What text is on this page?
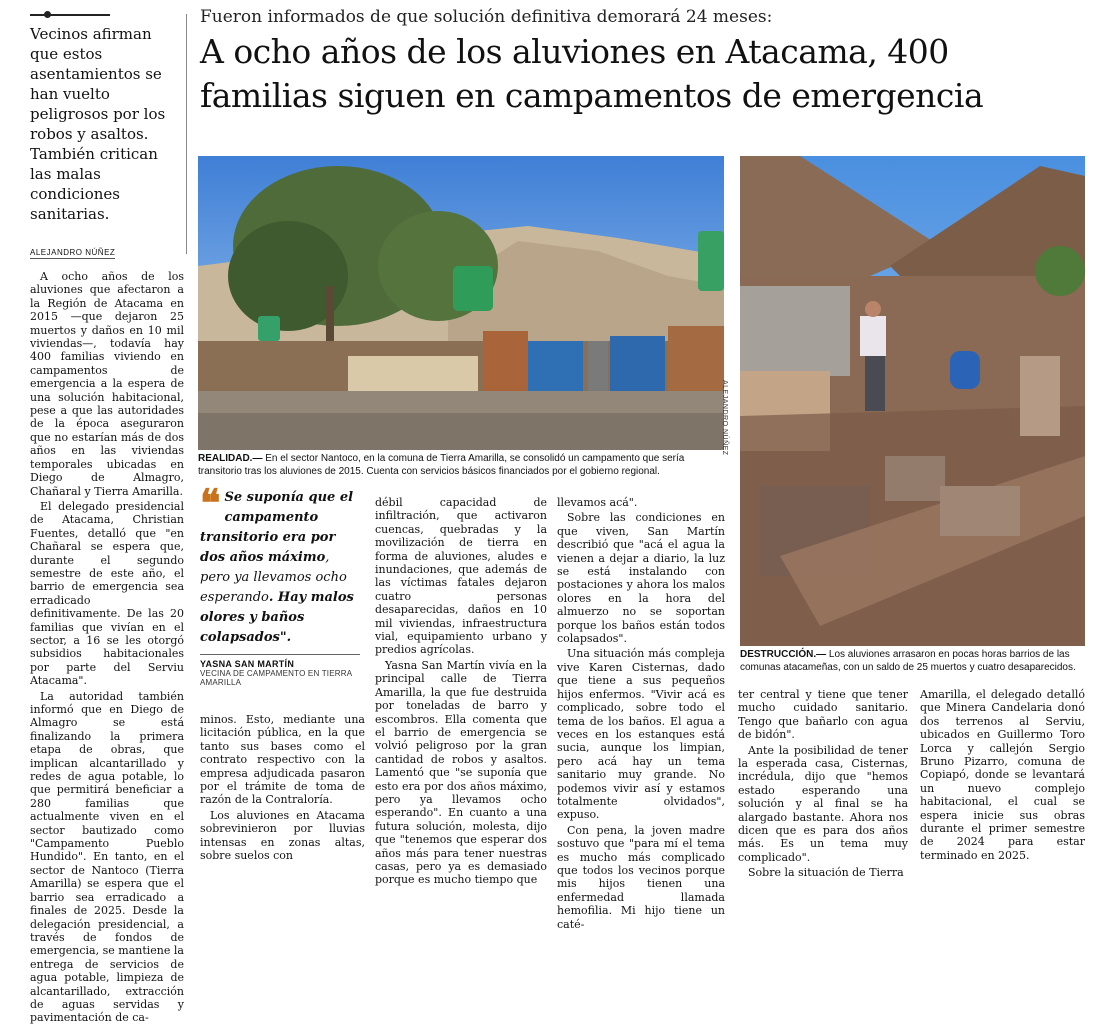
Vecinos afirman que estos asentamientos se han vuelto peligrosos por los robos y asaltos. También critican las malas condiciones sanitarias.
Fueron informados de que solución definitiva demorará 24 meses:
A ocho años de los aluviones en Atacama, 400
familias siguen en campamentos de emergencia
ALEJANDRO NÚÑEZ

A ocho años de los aluviones que afectaron a la Región de Atacama en 2015 —que dejaron 25 muertos y daños en 10 mil viviendas—, todavía hay 400 familias viviendo en campamentos de emergencia a la espera de una solución habitacional, pese a que las autoridades de la época aseguraron que no estarían más de dos años en las viviendas temporales ubicadas en Diego de Almagro, Chañaral y Tierra Amarilla.

El delegado presidencial de Atacama, Christian Fuentes, detalló que "en Chañaral se espera que, durante el segundo semestre de este año, el barrio de emergencia sea erradicado definitivamente. De las 20 familias que vivían en el sector, a 16 se les otorgó subsidios habitacionales por parte del Serviu Atacama".

La autoridad también informó que en Diego de Almagro se está finalizando la primera etapa de obras, que implican alcantarillado y redes de agua potable, lo que permitirá beneficiar a 280 familias que actualmente viven en el sector bautizado como "Campamento Pueblo Hundido". En tanto, en el sector de Nantoco (Tierra Amarilla) se espera que el barrio sea erradicado a finales de 2025. Desde la delegación presidencial, a través de fondos de emergencia, se mantiene la entrega de servicios de agua potable, limpieza de alcantarillado, extracción de aguas servidas y pavimentación de ca-

ALEJANDRO NÚÑEZ
REALIDAD.— En el sector Nantoco, en la comuna de Tierra Amarilla, se consolidó un campamento que sería transitorio tras los aluviones de 2015. Cuenta con servicios básicos financiados por el gobierno regional.
DESTRUCCIÓN.— Los aluviones arrasaron en pocas horas barrios de las comunas atacameñas, con un saldo de 25 muertos y cuatro desaparecidos.
❝ Se suponía que el campamento transitorio era por dos años máximo, pero ya llevamos ocho esperando. Hay malos olores y baños colapsados".
YASNA SAN MARTÍN
VECINA DE CAMPAMENTO EN TIERRA AMARILLA

minos. Esto, mediante una licitación pública, en la que tanto sus bases como el contrato respectivo con la empresa adjudicada pasaron por el trámite de toma de razón de la Contraloría.

Los aluviones en Atacama sobrevinieron por lluvias intensas en zonas altas, sobre suelos con

débil capacidad de infiltración, que activaron cuencas, quebradas y la movilización de tierra en forma de aluviones, aludes e inundaciones, que además de las víctimas fatales dejaron cuatro personas desaparecidas, daños en 10 mil viviendas, infraestructura vial, equipamiento urbano y predios agrícolas.

Yasna San Martín vivía en la principal calle de Tierra Amarilla, la que fue destruida por toneladas de barro y escombros. Ella comenta que el barrio de emergencia se volvió peligroso por la gran cantidad de robos y asaltos. Lamentó que "se suponía que esto era por dos años máximo, pero ya llevamos ocho esperando". En cuanto a una futura solución, molesta, dijo que "tenemos que esperar dos años más para tener nuestras casas, pero ya es demasiado porque es mucho tiempo que

llevamos acá".

Sobre las condiciones en que viven, San Martín describió que "acá el agua la vienen a dejar a diario, la luz se está instalando con postaciones y ahora los malos olores en la hora del almuerzo no se soportan porque los baños están todos colapsados".

Una situación más compleja vive Karen Cisternas, dado que tiene a sus pequeños hijos enfermos. "Vivir acá es complicado, sobre todo el tema de los baños. El agua a veces en los estanques está sucia, aunque los limpian, pero acá hay un tema sanitario muy grande. No podemos vivir así y estamos totalmente olvidados", expuso.

Con pena, la joven madre sostuvo que "para mí el tema es mucho más complicado que todos los vecinos porque mis hijos tienen una enfermedad llamada hemofilia. Mi hijo tiene un caté-

ter central y tiene que tener mucho cuidado sanitario. Tengo que bañarlo con agua de bidón".

Ante la posibilidad de tener la esperada casa, Cisternas, incrédula, dijo que "hemos estado esperando una solución y al final se ha alargado bastante. Ahora nos dicen que es para dos años más. Es un tema muy complicado".

Sobre la situación de Tierra

Amarilla, el delegado detalló que Minera Candelaria donó dos terrenos al Serviu, ubicados en Guillermo Toro Lorca y callejón Sergio Bruno Pizarro, comuna de Copiapó, donde se levantará un nuevo complejo habitacional, el cual se espera inicie sus obras durante el primer semestre de 2024 para estar terminado en 2025.
